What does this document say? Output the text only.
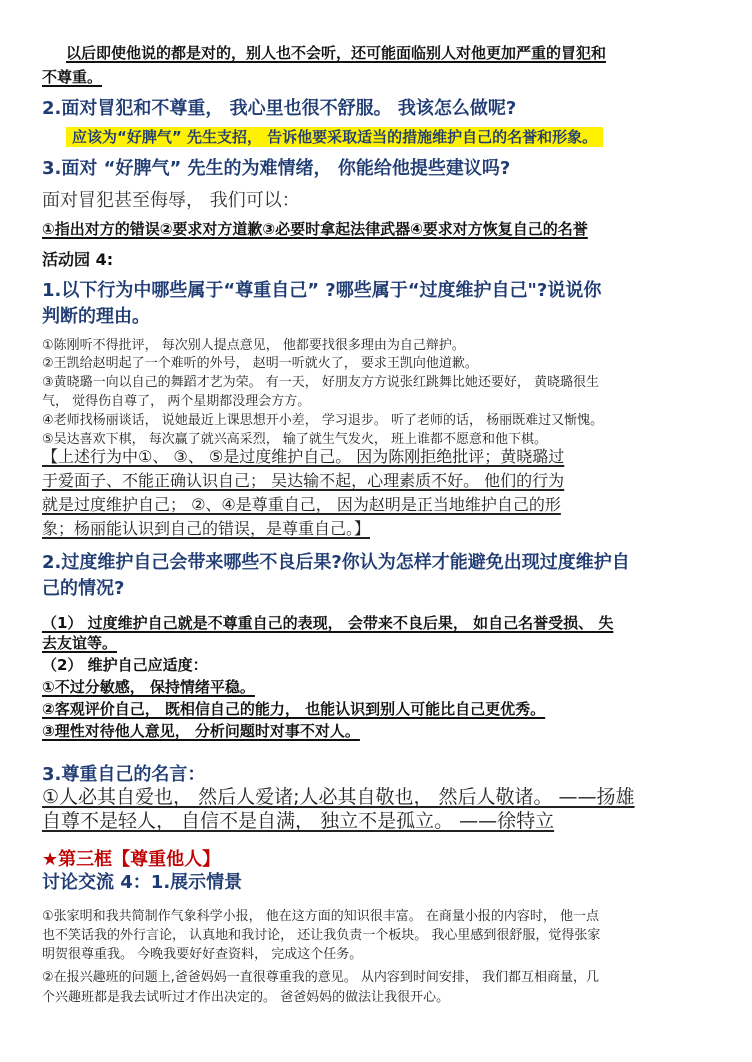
以后即使他说的都是对的，别人也不会听，还可能面临别人对他更加严重的冒犯和
不尊重。
2.面对冒犯和不尊重， 我心里也很不舒服。 我该怎么做呢?
应该为“好脾气” 先生支招， 告诉他要采取适当的措施维护自己的名誉和形象。
3.面对 “好脾气” 先生的为难情绪， 你能给他提些建议吗?
面对冒犯甚至侮辱， 我们可以：
①指出对方的错误②要求对方道歉③必要时拿起法律武器④要求对方恢复自己的名誉
活动园 4:
1.以下行为中哪些属于“尊重自己” ?哪些属于“过度维护自己"?说说你
判断的理由。
①陈刚听不得批评， 每次别人提点意见， 他都要找很多理由为自己辩护。
②王凯给赵明起了一个难听的外号， 赵明一听就火了， 要求王凯向他道歉。
③黄晓璐一向以自己的舞蹈才艺为荣。 有一天， 好朋友方方说张红跳舞比她还要好， 黄晓璐很生
气， 觉得伤自尊了， 两个星期都没理会方方。
④老师找杨丽谈话， 说她最近上课思想开小差， 学习退步。 听了老师的话， 杨丽既难过又惭愧。
⑤吴达喜欢下棋， 每次赢了就兴高采烈， 输了就生气发火， 班上谁都不愿意和他下棋。
【上述行为中①、 ③、 ⑤是过度维护自己。 因为陈刚拒绝批评；黄晓璐过
于爱面子、不能正确认识自己； 吴达输不起，心理素质不好。 他们的行为
就是过度维护自己； ②、④是尊重自己， 因为赵明是正当地维护自己的形
象；杨丽能认识到自己的错误，是尊重自己。】
2.过度维护自己会带来哪些不良后果?你认为怎样才能避免出现过度维护自
己的情况?
（1） 过度维护自己就是不尊重自己的表现， 会带来不良后果， 如自己名誉受损、 失
去友谊等。
（2） 维护自己应适度：
①不过分敏感， 保持情绪平稳。
②客观评价自己， 既相信自己的能力， 也能认识到别人可能比自己更优秀。
③理性对待他人意见， 分析问题时对事不对人。
3.尊重自己的名言：
①人必其自爱也， 然后人爱诸;人必其自敬也， 然后人敬诸。 ——扬雄
自尊不是轻人， 自信不是自满， 独立不是孤立。 ——徐特立
★第三框【尊重他人】
讨论交流 4：1.展示情景
①张家明和我共简制作气象科学小报， 他在这方面的知识很丰富。 在商量小报的内容时， 他一点
也不笑话我的外行言论， 认真地和我讨论， 还让我负责一个板块。 我心里感到很舒服，觉得张家
明贺很尊重我。 今晚我要好好查资料， 完成这个任务。
②在报兴趣班的问题上,爸爸妈妈一直很尊重我的意见。 从内容到时间安排， 我们都互相商量，几
个兴趣班都是我去试听过才作出决定的。 爸爸妈妈的做法让我很开心。
